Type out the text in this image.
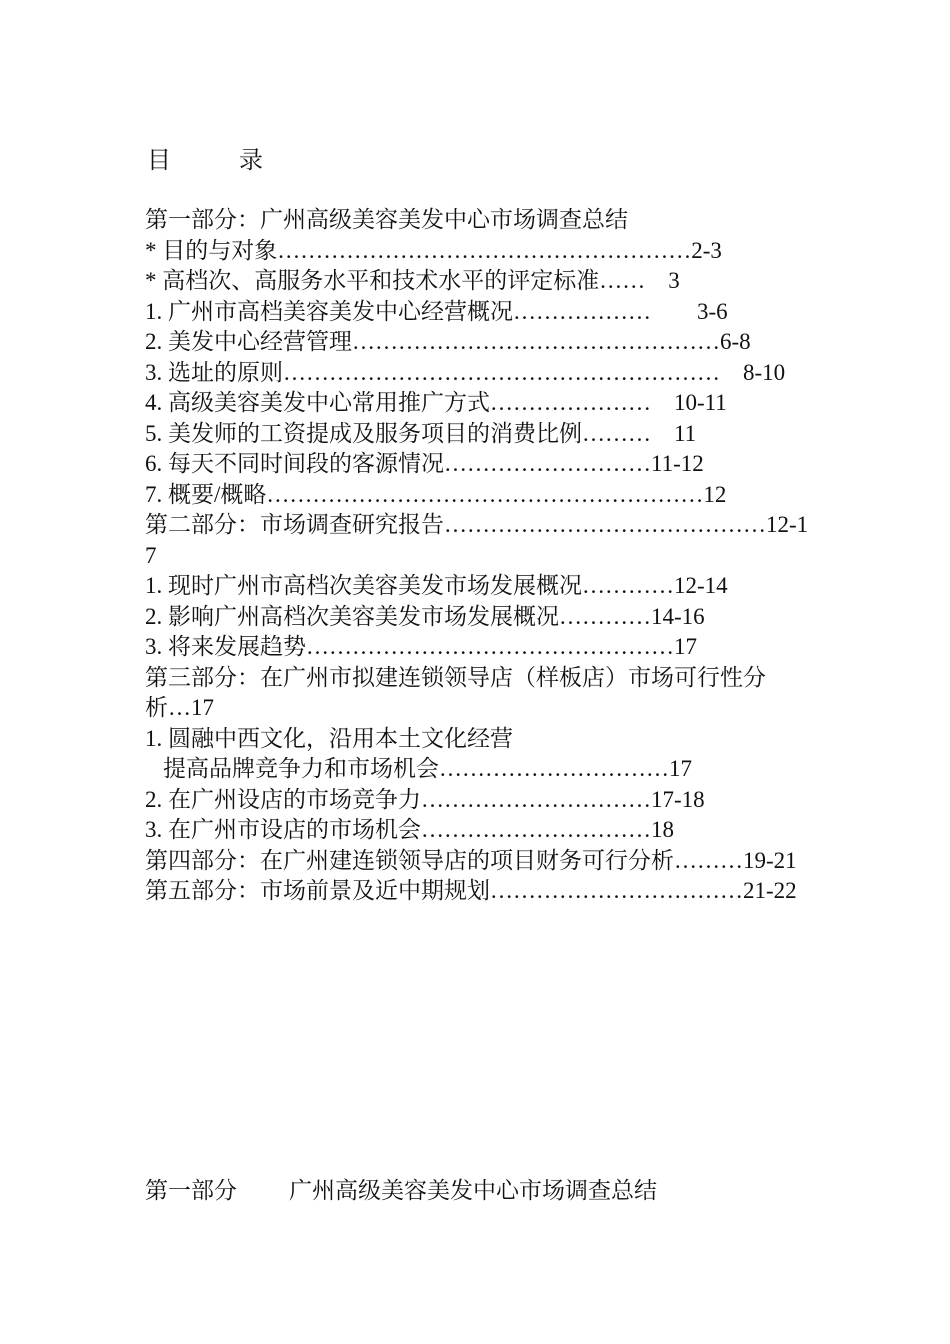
目　录
第一部分：广州高级美容美发中心市场调查总结
* 目的与对象………………………………………………2-3
* 高档次、高服务水平和技术水平的评定标准……　3
1. 广州市高档美容美发中心经营概况………………　　3-6
2. 美发中心经营管理…………………………………………6-8
3. 选址的原则…………………………………………………　8-10
4. 高级美容美发中心常用推广方式…………………　10-11
5. 美发师的工资提成及服务项目的消费比例………　11
6. 每天不同时间段的客源情况………………………11-12
7. 概要/概略…………………………………………………12
第二部分：市场调查研究报告……………………………………12-17
1. 现时广州市高档次美容美发市场发展概况…………12-14
2. 影响广州高档次美容美发市场发展概况…………14-16
3. 将来发展趋势…………………………………………17
第三部分：在广州市拟建连锁领导店（样板店）市场可行性分析…17
1. 圆融中西文化，沿用本土文化经营
提高品牌竞争力和市场机会…………………………17
2. 在广州设店的市场竞争力…………………………17-18
3. 在广州市设店的市场机会…………………………18
第四部分：在广州建连锁领导店的项目财务可行分析………19-21
第五部分：市场前景及近中期规划……………………………21-22
第一部分 广州高级美容美发中心市场调查总结
